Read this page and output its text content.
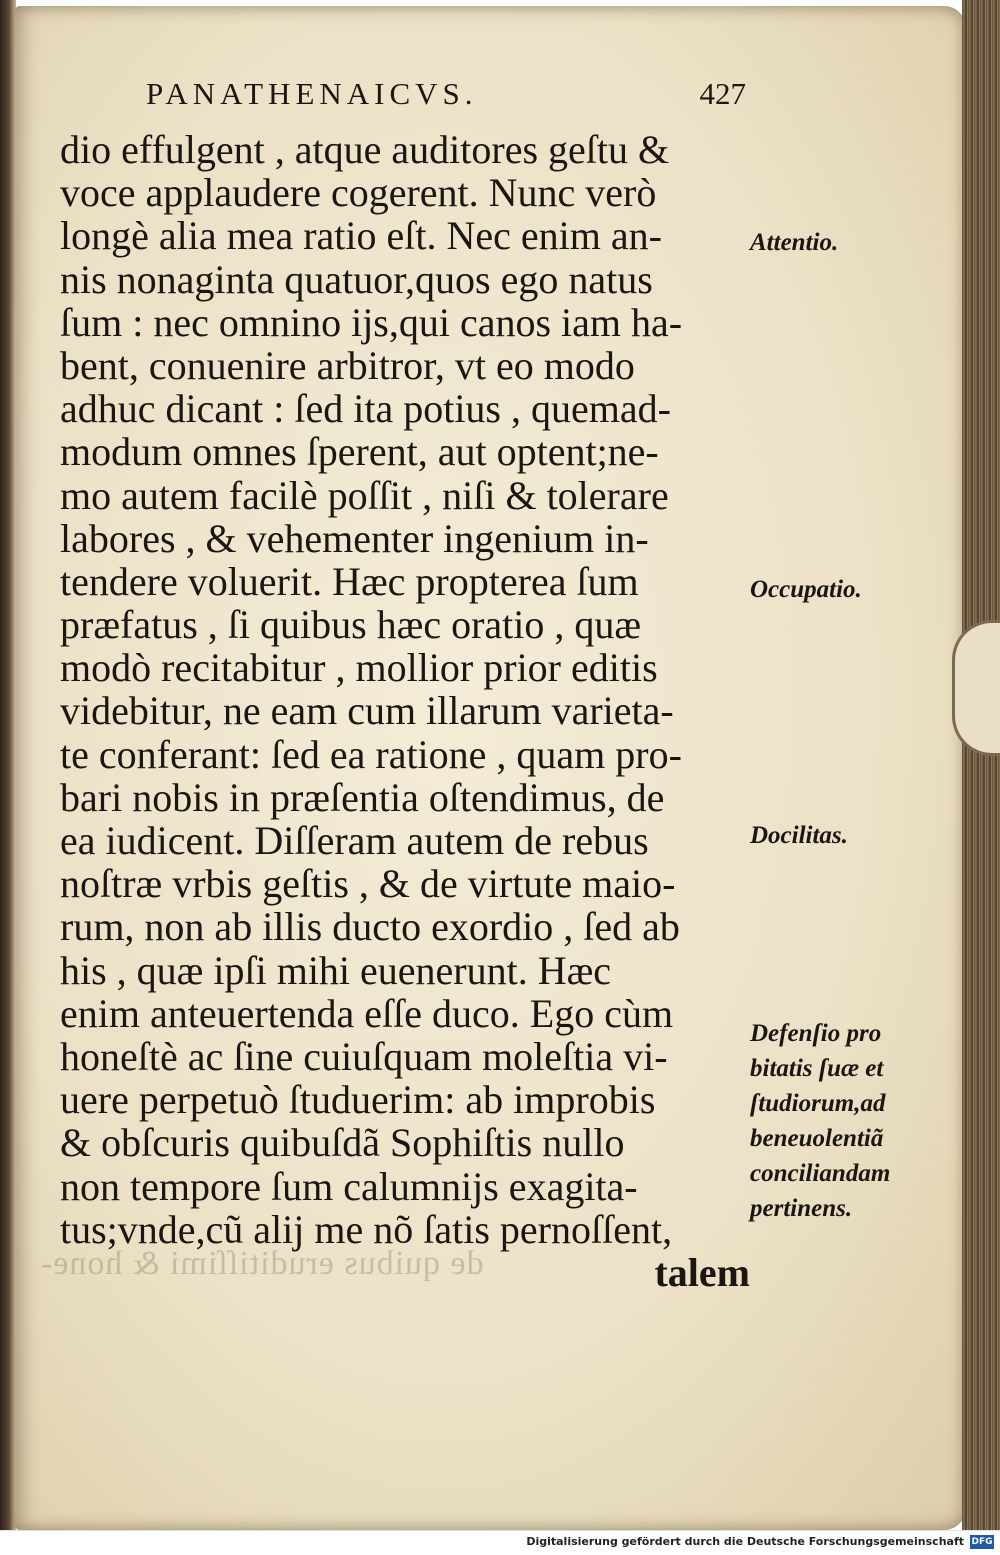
de quibus eruditiſſimi & hone-
PANATHENAICVS.	427
dio effulgent , atque auditores geſtu &
voce applaudere cogerent. Nunc verò
longè alia mea ratio eſt. Nec enim an-
nis nonaginta quatuor,quos ego natus
ſum : nec omnino ijs,qui canos iam ha-
bent, conuenire arbitror, vt eo modo
adhuc dicant : ſed ita potius , quemad-
modum omnes ſperent, aut optent;ne-
mo autem facilè poſſit , niſi & tolerare
labores , & vehementer ingenium in-
tendere voluerit. Hæc propterea ſum
præfatus , ſi quibus hæc oratio , quæ
modò recitabitur , mollior prior editis
videbitur, ne eam cum illarum varieta-
te conferant: ſed ea ratione , quam pro-
bari nobis in præſentia oſtendimus, de
ea iudicent. Diſſeram autem de rebus
noſtræ vrbis geſtis , & de virtute maio-
rum, non ab illis ducto exordio , ſed ab
his , quæ ipſi mihi euenerunt. Hæc
enim anteuertenda eſſe duco. Ego cùm
honeſtè ac ſine cuiuſquam moleſtia vi-
uere perpetuò ſtuduerim: ab improbis
& obſcuris quibuſdã Sophiſtis nullo
non tempore ſum calumnijs exagita-
tus;vnde,cũ alij me nõ ſatis pernoſſent,
talem
Attentio.
Occupatio.
Docilitas.
Defenſio pro
bitatis ſuæ et
ſtudiorum,ad
beneuolentiã
conciliandam
pertinens.
Digitalisierung gefördert durch die Deutsche Forschungsgemeinschaft DFG
